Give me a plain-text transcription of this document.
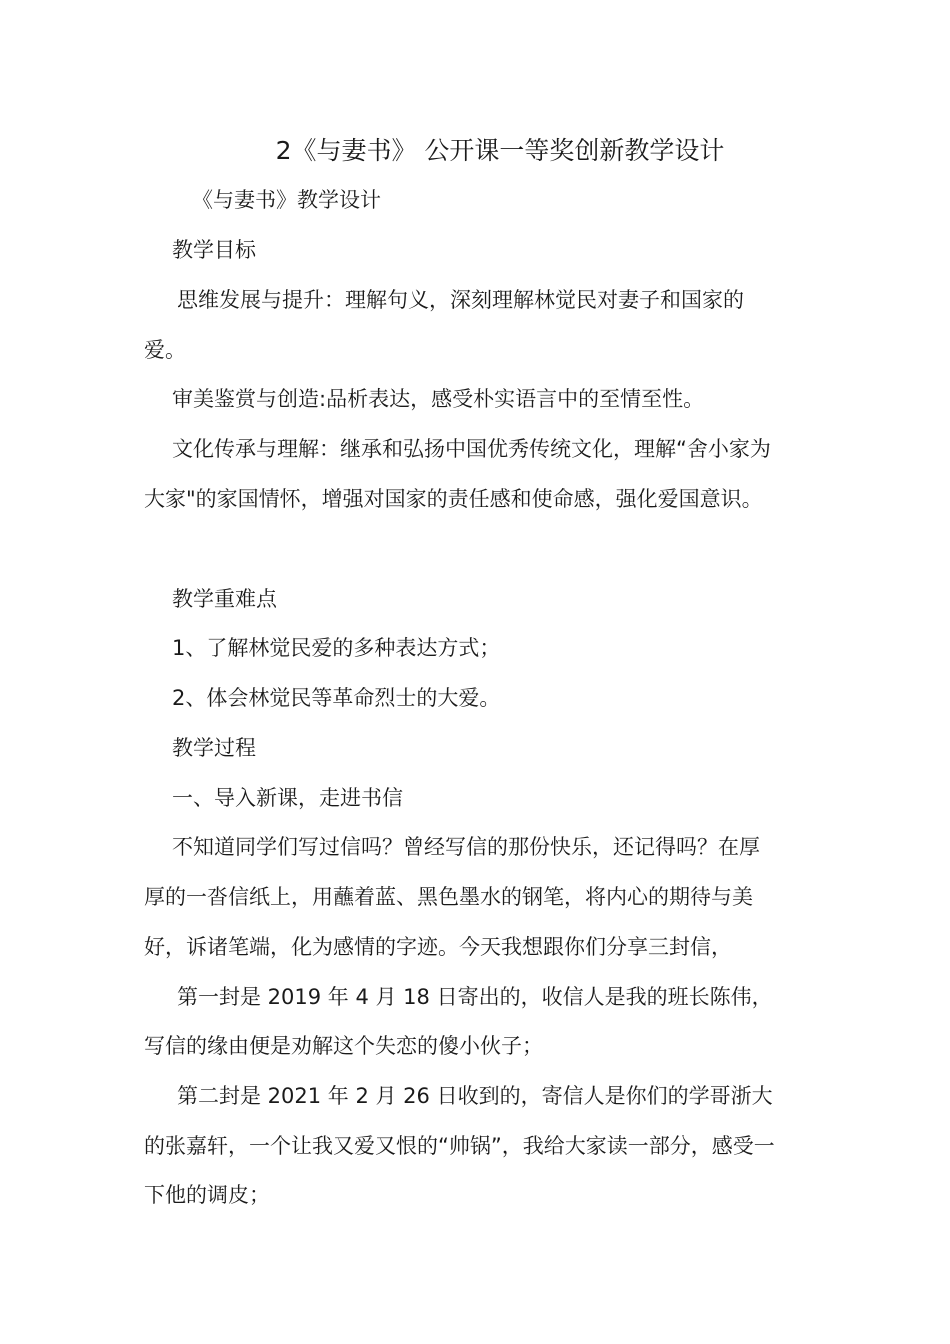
2《与妻书》 公开课一等奖创新教学设计

《与妻书》教学设计

教学目标

思维发展与提升：理解句义，深刻理解林觉民对妻子和国家的

爱。

审美鉴赏与创造:品析表达，感受朴实语言中的至情至性。

文化传承与理解：继承和弘扬中国优秀传统文化，理解“舍小家为

大家"的家国情怀，增强对国家的责任感和使命感，强化爱国意识。

教学重难点

1、了解林觉民爱的多种表达方式；

2、体会林觉民等革命烈士的大爱。

教学过程

一、导入新课，走进书信

不知道同学们写过信吗？曾经写信的那份快乐，还记得吗？在厚

厚的一沓信纸上，用蘸着蓝、黑色墨水的钢笔，将内心的期待与美

好，诉诸笔端，化为感情的字迹。今天我想跟你们分享三封信，

第一封是 2019 年 4 月 18 日寄出的，收信人是我的班长陈伟，

写信的缘由便是劝解这个失恋的傻小伙子；

第二封是 2021 年 2 月 26 日收到的，寄信人是你们的学哥浙大

的张嘉轩，一个让我又爱又恨的“帅锅”，我给大家读一部分，感受一

下他的调皮；
